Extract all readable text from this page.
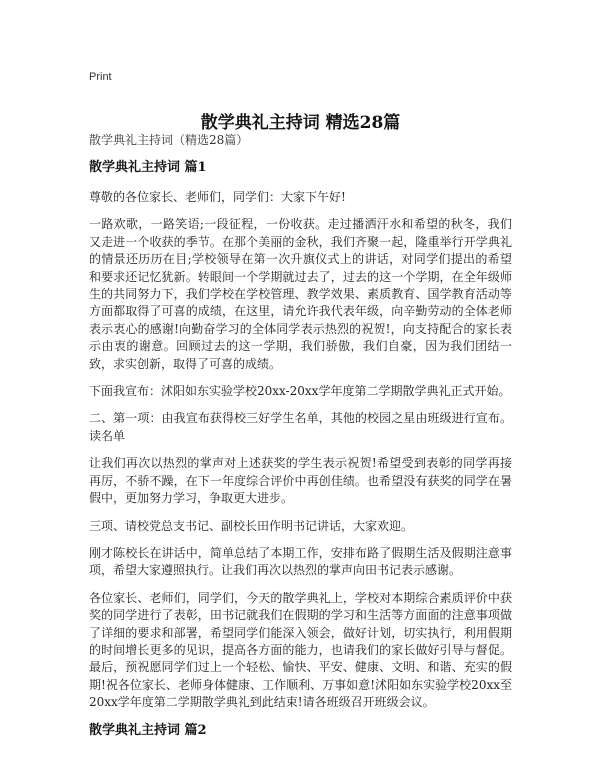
Print
散学典礼主持词 精选28篇
散学典礼主持词（精选28篇）
散学典礼主持词 篇1

尊敬的各位家长、老师们，同学们：大家下午好!

一路欢歌，一路笑语;一段征程，一份收获。走过播洒汗水和希望的秋冬，我们又走进一个收获的季节。在那个美丽的金秋，我们齐聚一起，隆重举行开学典礼的情景还历历在目;学校领导在第一次升旗仪式上的讲话，对同学们提出的希望和要求还记忆犹新。转眼间一个学期就过去了，过去的这一个学期，在全年级师生的共同努力下，我们学校在学校管理、教学效果、素质教育、国学教育活动等方面都取得了可喜的成绩，在这里，请允许我代表年级，向辛勤劳动的全体老师表示衷心的感谢!向勤奋学习的全体同学表示热烈的祝贺!，向支持配合的家长表示由衷的谢意。回顾过去的这一学期，我们骄傲，我们自豪，因为我们团结一致，求实创新，取得了可喜的成绩。

下面我宣布：沭阳如东实验学校20xx-20xx学年度第二学期散学典礼正式开始。

二、第一项：由我宣布获得校三好学生名单，其他的校园之星由班级进行宣布。读名单

让我们再次以热烈的掌声对上述获奖的学生表示祝贺!希望受到表彰的同学再接再厉，不骄不躁，在下一年度综合评价中再创佳绩。也希望没有获奖的同学在暑假中，更加努力学习，争取更大进步。

三项、请校党总支书记、副校长田作明书记讲话，大家欢迎。

刚才陈校长在讲话中，简单总结了本期工作，安排布路了假期生活及假期注意事项，希望大家遵照执行。让我们再次以热烈的掌声向田书记表示感谢。

各位家长、老师们，同学们，今天的散学典礼上，学校对本期综合素质评价中获奖的同学进行了表彰，田书记就我们在假期的学习和生活等方面面的注意事项做了详细的要求和部署，希望同学们能深入领会，做好计划，切实执行，利用假期的时间增长更多的见识，提高各方面的能力，也请我们的家长做好引导与督促。最后，预祝愿同学们过上一个轻松、愉快、平安、健康、文明、和谐、充实的假期!祝各位家长、老师身体健康、工作顺利、万事如意!沭阳如东实验学校20xx至20xx学年度第二学期散学典礼到此结束!请各班级召开班级会议。

散学典礼主持词 篇2
